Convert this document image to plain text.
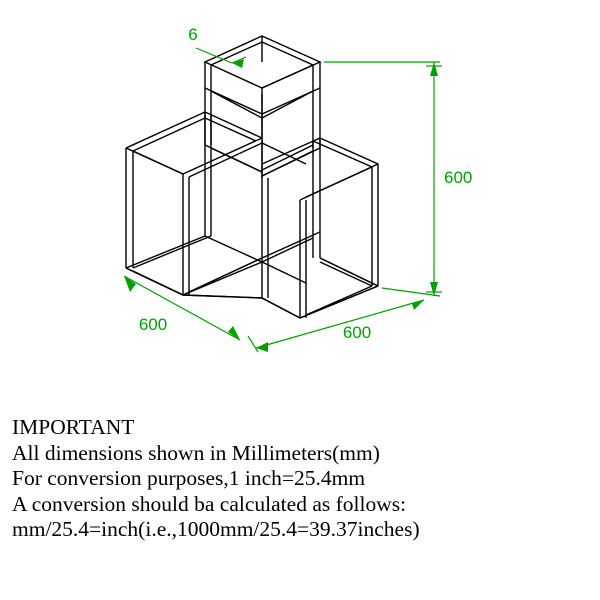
6
600
600	600
IMPORTANT
All dimensions shown in Millimeters(mm)
For conversion purposes,1 inch=25.4mm
A conversion should ba calculated as follows:
mm/25.4=inch(i.e.,1000mm/25.4=39.37inches)
